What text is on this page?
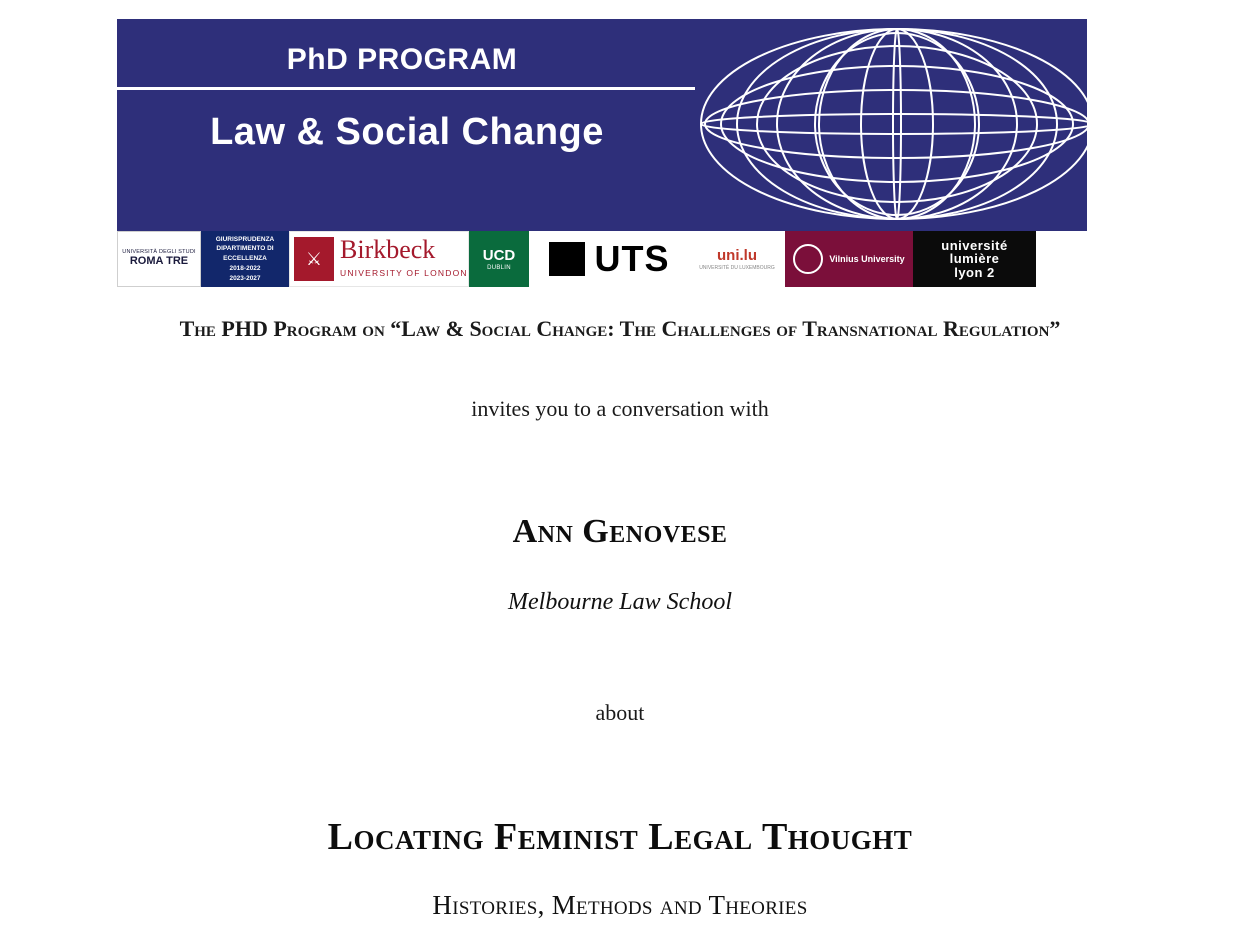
PhD PROGRAM
Law & Social Change
UNIVERSITÀ DEGLI STUDI
ROMA TRE
GIURISPRUDENZA
DIPARTIMENTO DI ECCELLENZA
2018-2022
2023-2027
⚔ Birkbeck
UNIVERSITY OF LONDON
UCD
DUBLIN UTS	uni.lu
UNIVERSITÉ DU LUXEMBOURG
Vilnius University
université
lumière
lyon 2
The PHD Program on “Law & Social Change: The Challenges of Transnational Regulation”
invites you to a conversation with
Ann Genovese
Melbourne Law School
about
Locating Feminist Legal Thought
Histories, Methods and Theories
